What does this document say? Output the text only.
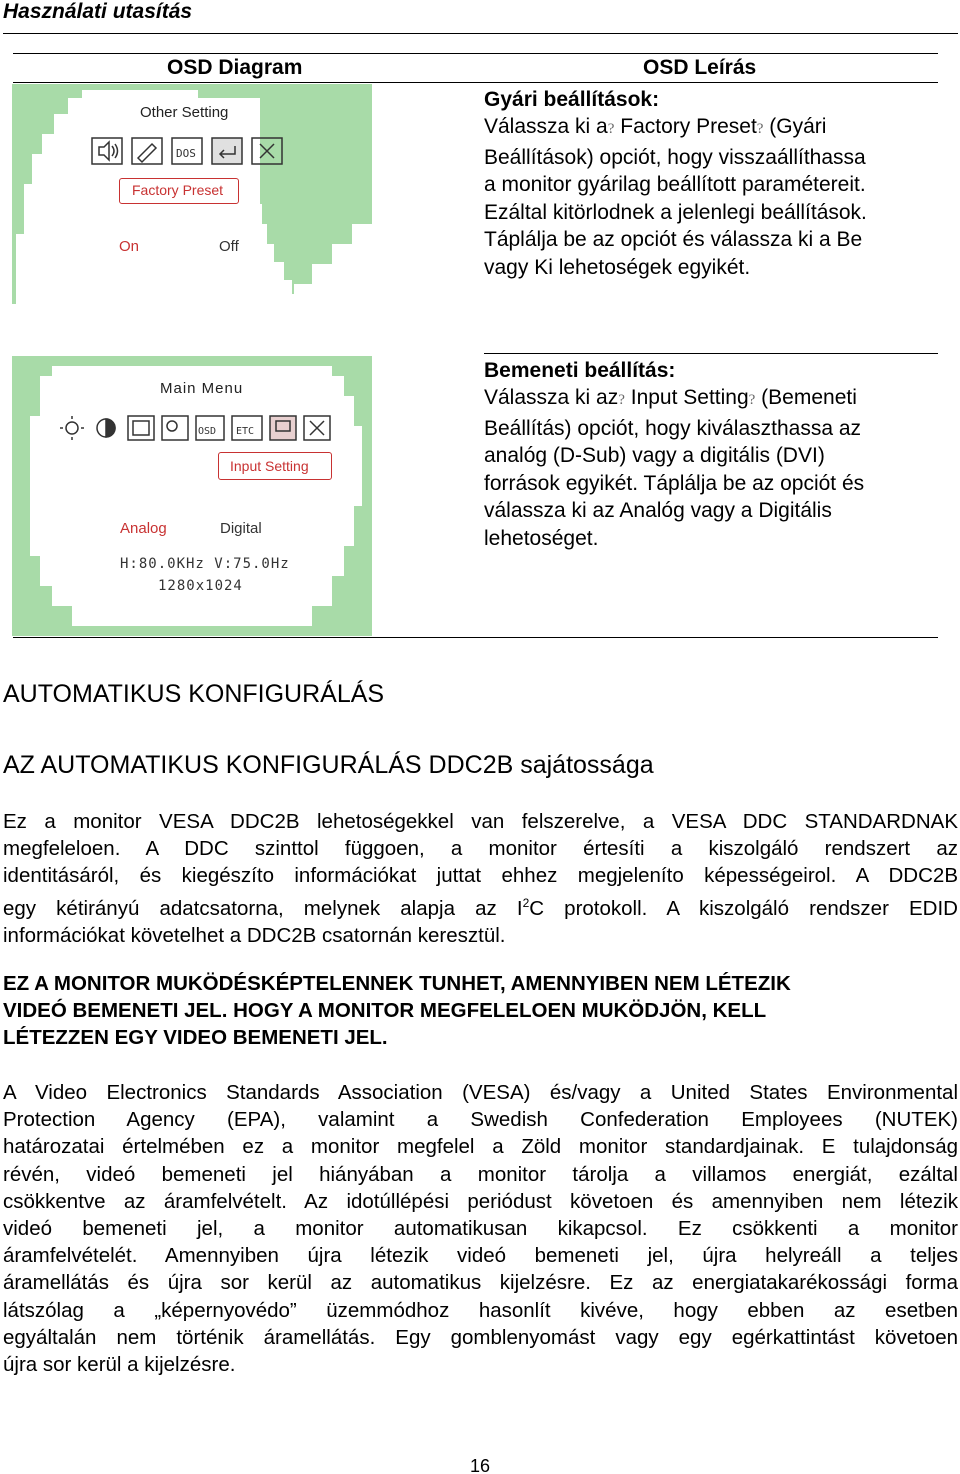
Használati utasítás
OSD Diagram	OSD Leírás
Other Setting
DOS
Factory Preset
On	Off
Gyári beállítások:
Válassza ki a? Factory Preset? (Gyári
Beállítások) opciót, hogy visszaállíthassa
a monitor gyárilag beállított paramétereit.
Ezáltal kitörlodnek a jelenlegi beállítások.
Táplálja be az opciót és válassza ki a Be
vagy Ki lehetoségek egyikét.
Main Menu
OSD ETC
Input Setting
Analog	Digital
H:80.0KHz V:75.0Hz
1280x1024
Bemeneti beállítás:
Válassza ki az? Input Setting? (Bemeneti
Beállítás) opciót, hogy kiválaszthassa az
analóg (D-Sub) vagy a digitális (DVI)
források egyikét. Táplálja be az opciót és
válassza ki az Analóg vagy a Digitális
lehetoséget.
AUTOMATIKUS KONFIGURÁLÁS
AZ AUTOMATIKUS KONFIGURÁLÁS DDC2B sajátossága
Ez a monitor VESA DDC2B lehetoségekkel van felszerelve, a VESA DDC STANDARDNAK
megfeleloen. A DDC szinttol függoen, a monitor értesíti a kiszolgáló rendszert az
identitásáról, és kiegészíto információkat juttat ehhez megjeleníto képességeirol. A DDC2B
egy kétirányú adatcsatorna, melynek alapja az $I^2C$ protokoll. A kiszolgáló rendszer EDID
információkat követelhet a DDC2B csatornán keresztül.
EZ A MONITOR MUKÖDÉSKÉPTELENNEK TUNHET, AMENNYIBEN NEM LÉTEZIK
VIDEÓ BEMENETI JEL. HOGY A MONITOR MEGFELELOEN MUKÖDJÖN, KELL
LÉTEZZEN EGY VIDEO BEMENETI JEL.
A Video Electronics Standards Association (VESA) és/vagy a United States Environmental
Protection Agency (EPA), valamint a Swedish Confederation Employees (NUTEK)
határozatai értelmében ez a monitor megfelel a Zöld monitor standardjainak. E tulajdonság
révén, videó bemeneti jel hiányában a monitor tárolja a villamos energiát, ezáltal
csökkentve az áramfelvételt. Az idotúllépési periódust követoen és amennyiben nem létezik
videó bemeneti jel, a monitor automatikusan kikapcsol. Ez csökkenti a monitor
áramfelvételét. Amennyiben újra létezik videó bemeneti jel, újra helyreáll a teljes
áramellátás és újra sor kerül az automatikus kijelzésre. Ez az energiatakarékossági forma
látszólag a „képernyovédo” üzemmódhoz hasonlít kivéve, hogy ebben az esetben
egyáltalán nem történik áramellátás. Egy gomblenyomást vagy egy egérkattintást követoen
újra sor kerül a kijelzésre.
16
